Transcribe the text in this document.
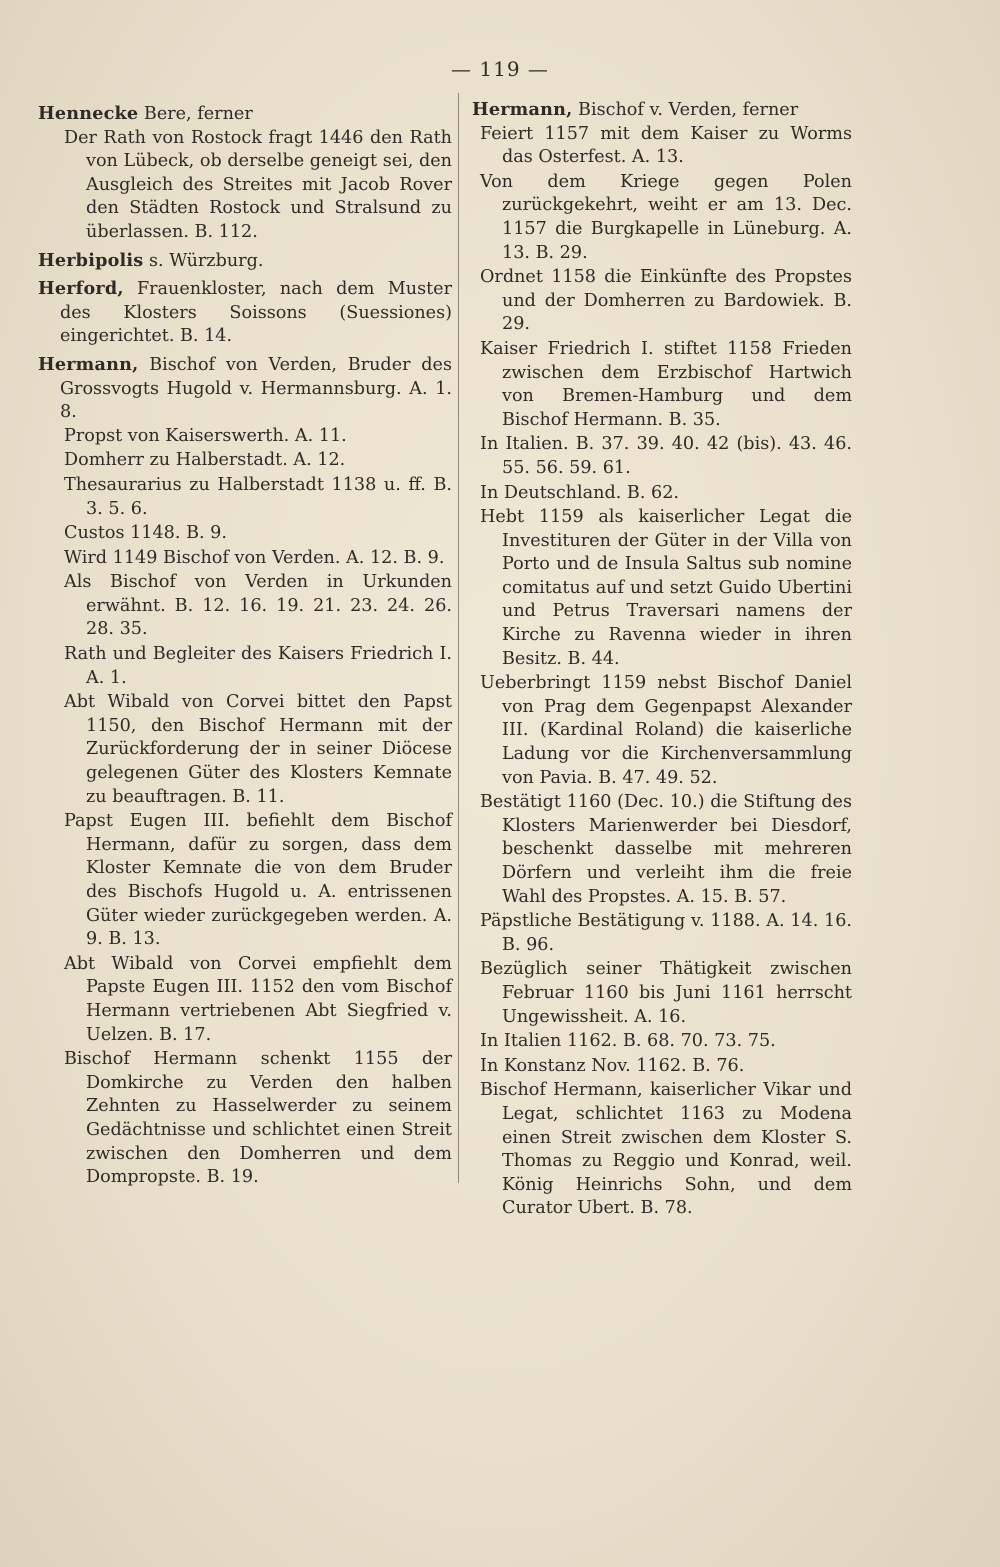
— 119 —
Hennecke Bere, ferner
Der Rath von Rostock fragt 1446 den Rath von Lübeck, ob derselbe geneigt sei, den Ausgleich des Streites mit Jacob Rover den Städten Rostock und Stralsund zu überlassen. B. 112.
Herbipolis s. Würzburg.
Herford, Frauenkloster, nach dem Muster des Klosters Soissons (Suessiones) eingerichtet. B. 14.
Hermann, Bischof von Verden, Bruder des Grossvogts Hugold v. Hermannsburg. A. 1. 8.
Propst von Kaiserswerth. A. 11.
Domherr zu Halberstadt. A. 12.
Thesaurarius zu Halberstadt 1138 u. ff. B. 3. 5. 6.
Custos 1148. B. 9.
Wird 1149 Bischof von Verden. A. 12. B. 9.
Als Bischof von Verden in Urkunden erwähnt. B. 12. 16. 19. 21. 23. 24. 26. 28. 35.
Rath und Begleiter des Kaisers Friedrich I. A. 1.
Abt Wibald von Corvei bittet den Papst 1150, den Bischof Hermann mit der Zurückforderung der in seiner Diöcese gelegenen Güter des Klosters Kemnate zu beauftragen. B. 11.
Papst Eugen III. befiehlt dem Bischof Hermann, dafür zu sorgen, dass dem Kloster Kemnate die von dem Bruder des Bischofs Hugold u. A. entrissenen Güter wieder zurückgegeben werden. A. 9. B. 13.
Abt Wibald von Corvei empfiehlt dem Papste Eugen III. 1152 den vom Bischof Hermann vertriebenen Abt Siegfried v. Uelzen. B. 17.
Bischof Hermann schenkt 1155 der Domkirche zu Verden den halben Zehnten zu Hasselwerder zu seinem Gedächtnisse und schlichtet einen Streit zwischen den Domherren und dem Dompropste. B. 19.
Hermann, Bischof v. Verden, ferner
Feiert 1157 mit dem Kaiser zu Worms das Osterfest. A. 13.
Von dem Kriege gegen Polen zurückgekehrt, weiht er am 13. Dec. 1157 die Burgkapelle in Lüneburg. A. 13. B. 29.
Ordnet 1158 die Einkünfte des Propstes und der Domherren zu Bardowiek. B. 29.
Kaiser Friedrich I. stiftet 1158 Frieden zwischen dem Erzbischof Hartwich von Bremen-Hamburg und dem Bischof Hermann. B. 35.
In Italien. B. 37. 39. 40. 42 (bis). 43. 46. 55. 56. 59. 61.
In Deutschland. B. 62.
Hebt 1159 als kaiserlicher Legat die Investituren der Güter in der Villa von Porto und de Insula Saltus sub nomine comitatus auf und setzt Guido Ubertini und Petrus Traversari namens der Kirche zu Ravenna wieder in ihren Besitz. B. 44.
Ueberbringt 1159 nebst Bischof Daniel von Prag dem Gegenpapst Alexander III. (Kardinal Roland) die kaiserliche Ladung vor die Kirchenversammlung von Pavia. B. 47. 49. 52.
Bestätigt 1160 (Dec. 10.) die Stiftung des Klosters Marienwerder bei Diesdorf, beschenkt dasselbe mit mehreren Dörfern und verleiht ihm die freie Wahl des Propstes. A. 15. B. 57.
Päpstliche Bestätigung v. 1188. A. 14. 16. B. 96.
Bezüglich seiner Thätigkeit zwischen Februar 1160 bis Juni 1161 herrscht Ungewissheit. A. 16.
In Italien 1162. B. 68. 70. 73. 75.
In Konstanz Nov. 1162. B. 76.
Bischof Hermann, kaiserlicher Vikar und Legat, schlichtet 1163 zu Modena einen Streit zwischen dem Kloster S. Thomas zu Reggio und Konrad, weil. König Heinrichs Sohn, und dem Curator Ubert. B. 78.
